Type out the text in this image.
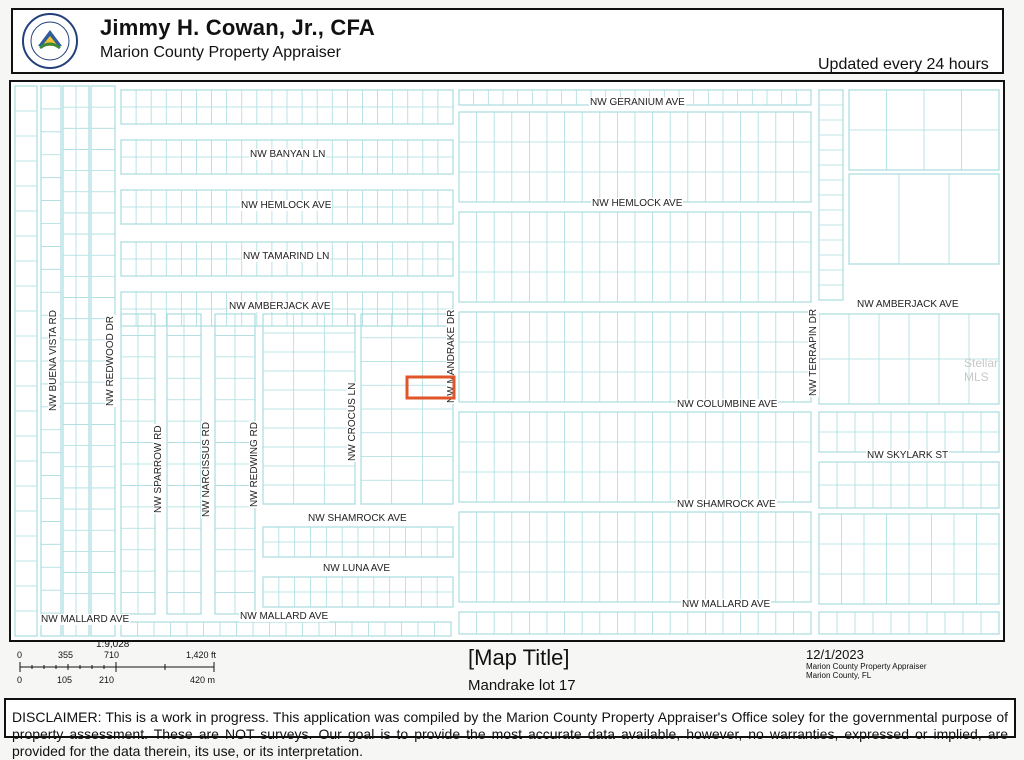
Jimmy H. Cowan, Jr., CFA
Marion County Property Appraiser
Updated every 24 hours
NW GERANIUM AVE
NW BANYAN LN
NW HEMLOCK AVE	NW HEMLOCK AVE
NW TAMARIND LN
NW AMBERJACK AVE	NW AMBERJACK AVE
NW COLUMBINE AVE
NW SKYLARK ST
NW SHAMROCK AVE
NW SHAMROCK AVE
NW LUNA AVE
NW MALLARD AVE	NW MALLARD AVE
NW MALLARD AVE
NW BUENA VISTA RD	NW REDWOOD DR
NW SPARROW RD	NW NARCISSUS RD	NW REDWING RD
NW CROCUS LN
NW MANDRAKE DR	NW TERRAPIN DR	Stellar MLS
1:9,028
0	355	710	1,420 ft
0	105	210	420 m
[Map Title]
Mandrake lot 17
12/1/2023
Marion County Property Appraiser
Marion County, FL
DISCLAIMER: This is a work in progress. This application was compiled by the Marion County Property Appraiser's Office soley for the governmental purpose of property assessment. These are NOT surveys. Our goal is to provide the most accurate data available, however, no warranties, expressed or implied, are provided for the data therein, its use, or its interpretation.
